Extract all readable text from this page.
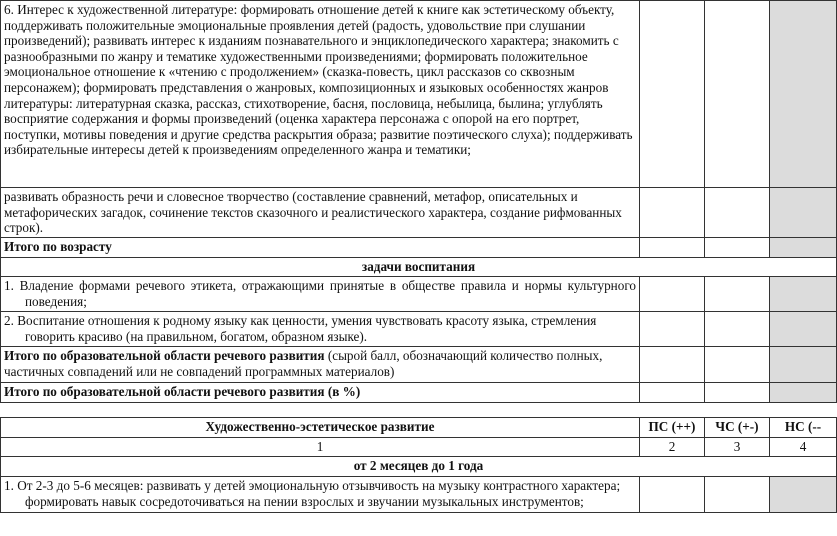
6. Интерес к художественной литературе: формировать отношение детей к книге как эстетическому объекту, поддерживать положительные эмоциональные проявления детей (радость, удовольствие при слушании произведений); развивать интерес к изданиям познавательного и энциклопедического характера; знакомить с разнообразными по жанру и тематике художественными произведениями; формировать положительное эмоциональное отношение к «чтению с продолжением» (сказка-повесть, цикл рассказов со сквозным персонажем); формировать представления о жанровых, композиционных и языковых особенностях жанров литературы: литературная сказка, рассказ, стихотворение, басня, пословица, небылица, былина; углублять восприятие содержания и формы произведений (оценка характера персонажа с опорой на его портрет, поступки, мотивы поведения и другие средства раскрытия образа; развитие поэтического слуха); поддерживать избирательные интересы детей к произведениям определенного жанра и тематики;			
развивать образность речи и словесное творчество (составление сравнений, метафор, описательных и метафорических загадок, сочинение текстов сказочного и реалистического характера, создание рифмованных строк).			
Итого по возрасту			
задачи воспитания			
1. Владение формами речевого этикета, отражающими принятые в обществе правила и нормы культурного поведения;			
2. Воспитание отношения к родному языку как ценности, умения чувствовать красоту языка, стремления говорить красиво (на правильном, богатом, образном языке).			
Итого по образовательной области речевого развития (сырой балл, обозначающий количество полных, частичных совпадений или не совпадений программных материалов)			
Итого по образовательной области речевого развития (в %)			

Художественно-эстетическое развитие	ПС (++)	ЧС (+-)	НС (--
1	2	3	4
от 2 месяцев до 1 года			
1. От 2-3 до 5-6 месяцев: развивать у детей эмоциональную отзывчивость на музыку контрастного характера; формировать навык сосредоточиваться на пении взрослых и звучании музыкальных инструментов;			
